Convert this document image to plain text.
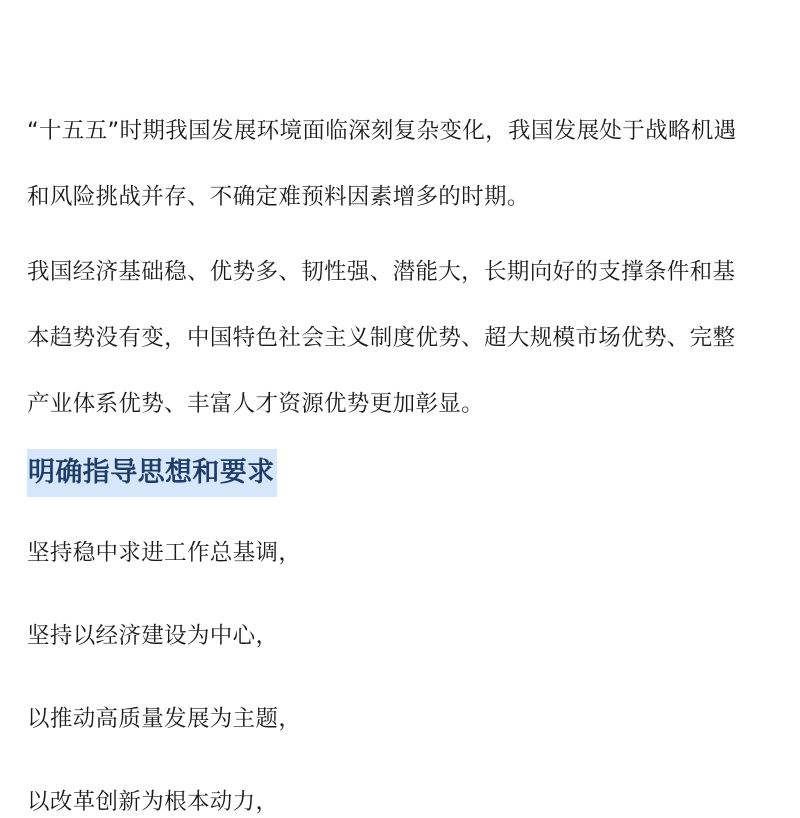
“十五五”时期我国发展环境面临深刻复杂变化，我国发展处于战略机遇
和风险挑战并存、不确定难预料因素增多的时期。

我国经济基础稳、优势多、韧性强、潜能大，长期向好的支撑条件和基
本趋势没有变，中国特色社会主义制度优势、超大规模市场优势、完整
产业体系优势、丰富人才资源优势更加彰显。

明确指导思想和要求

坚持稳中求进工作总基调，

坚持以经济建设为中心，

以推动高质量发展为主题，

以改革创新为根本动力，
